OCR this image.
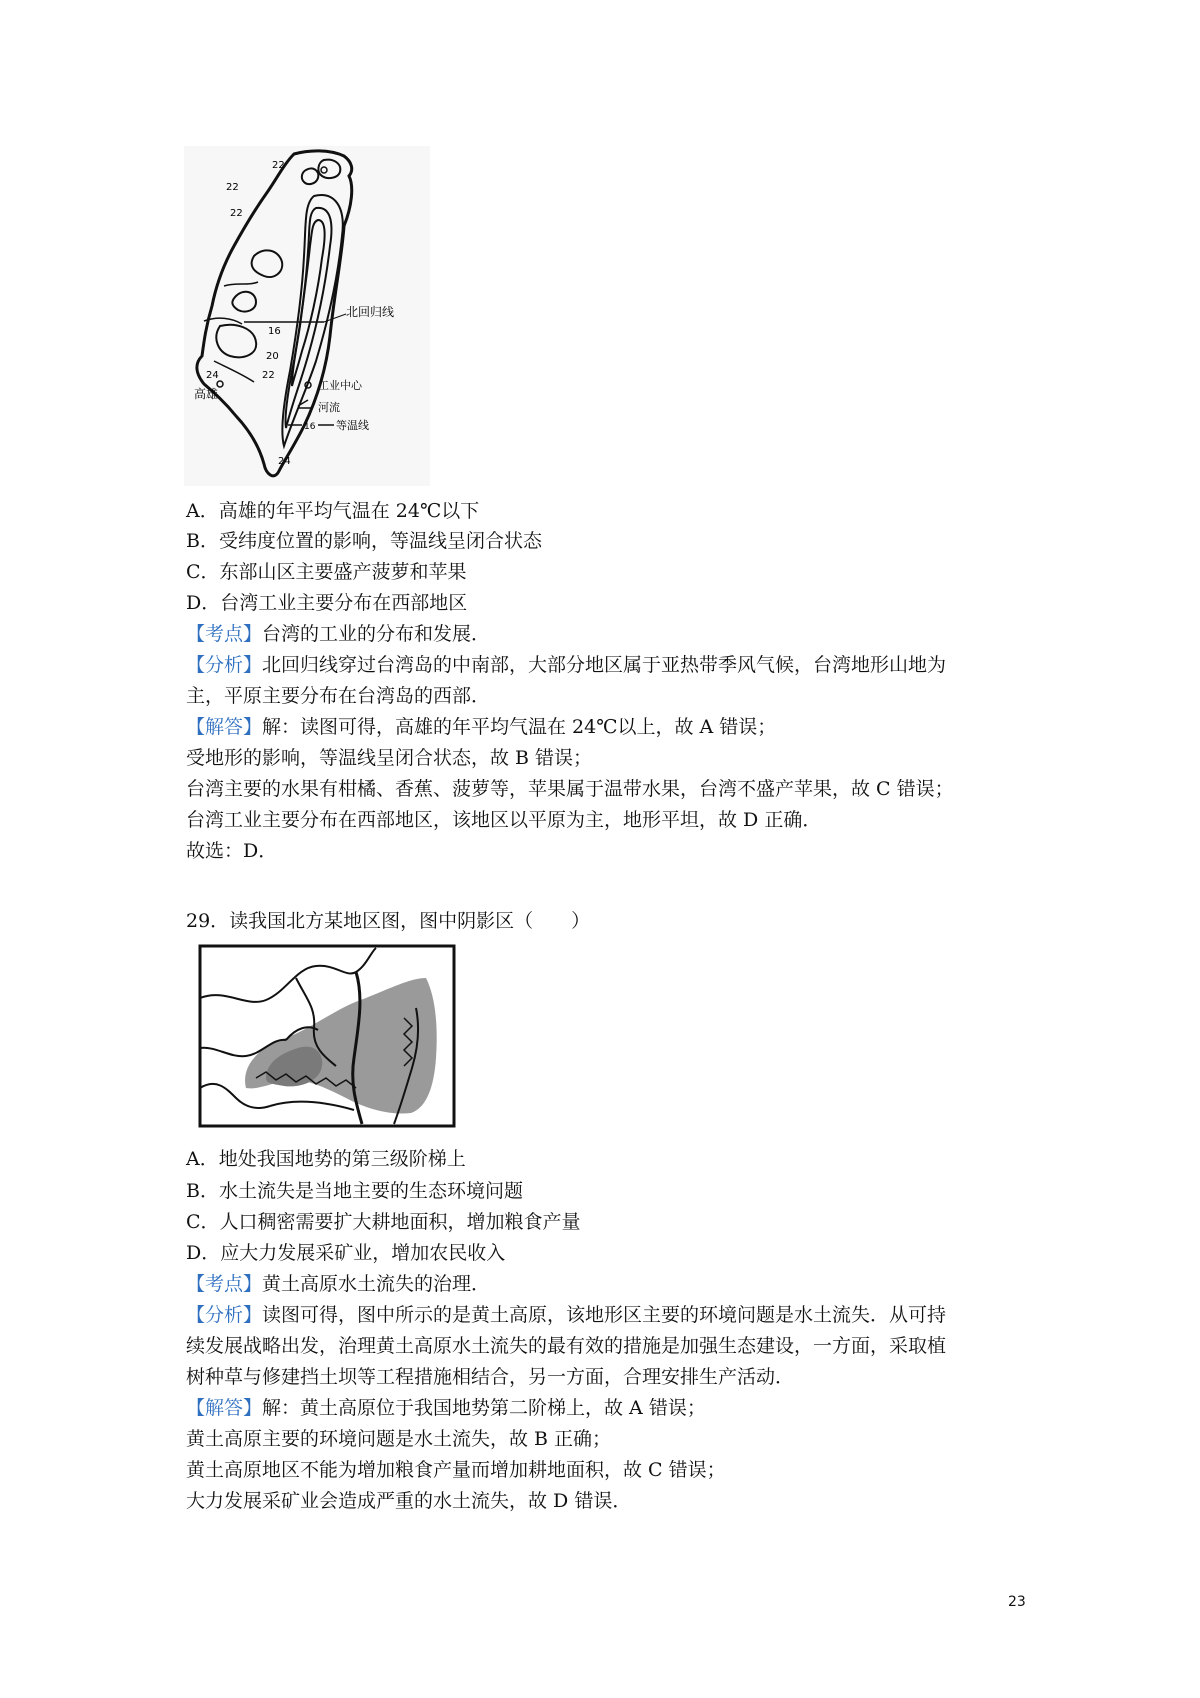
22
22
22
16
20
22
24
24
北回归线
高雄
工业中心
河流
16 等温线
A．高雄的年平均气温在 24℃以下
B．受纬度位置的影响，等温线呈闭合状态
C．东部山区主要盛产菠萝和苹果
D．台湾工业主要分布在西部地区
【考点】台湾的工业的分布和发展．
【分析】北回归线穿过台湾岛的中南部，大部分地区属于亚热带季风气候，台湾地形山地为
主，平原主要分布在台湾岛的西部．
【解答】解：读图可得，高雄的年平均气温在 24℃以上，故 A 错误；
受地形的影响，等温线呈闭合状态，故 B 错误；
台湾主要的水果有柑橘、香蕉、菠萝等，苹果属于温带水果，台湾不盛产苹果，故 C 错误；
台湾工业主要分布在西部地区，该地区以平原为主，地形平坦，故 D 正确．
故选：D．
29．读我国北方某地区图，图中阴影区（　　）
A．地处我国地势的第三级阶梯上
B．水土流失是当地主要的生态环境问题
C．人口稠密需要扩大耕地面积，增加粮食产量
D．应大力发展采矿业，增加农民收入
【考点】黄土高原水土流失的治理．
【分析】读图可得，图中所示的是黄土高原，该地形区主要的环境问题是水土流失．从可持
续发展战略出发，治理黄土高原水土流失的最有效的措施是加强生态建设，一方面，采取植
树种草与修建挡土坝等工程措施相结合，另一方面，合理安排生产活动．
【解答】解：黄土高原位于我国地势第二阶梯上，故 A 错误；
黄土高原主要的环境问题是水土流失，故 B 正确；
黄土高原地区不能为增加粮食产量而增加耕地面积，故 C 错误；
大力发展采矿业会造成严重的水土流失，故 D 错误．
23
